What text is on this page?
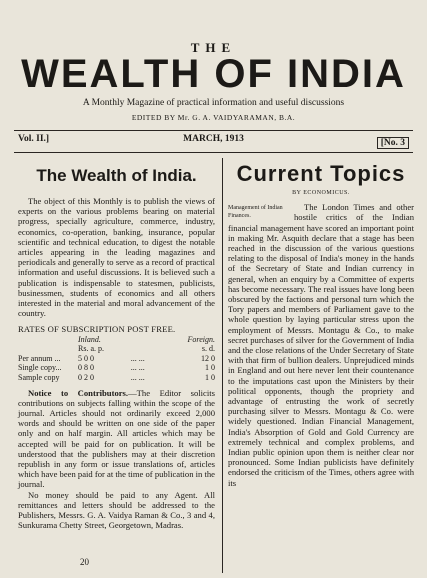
THE
WEALTH OF INDIA
A Monthly Magazine of practical information and useful discussions
EDITED BY Mr. G. A. VAIDYARAMAN, B.A.
Vol. II.]	MARCH, 1913	[No. 3
The Wealth of India.

The object of this Monthly is to publish the views of experts on the various problems bearing on material progress, specially agriculture, commerce, industry, economics, co-operation, banking, insurance, popular scientific and technical education, to digest the notable articles appearing in the leading magazines and periodicals and generally to serve as a record of practical information and useful discussions. It is believed such a publication is indispensable to statesmen, publicists, businessmen, students of economics and all others interested in the material and moral advancement of the country.

RATES OF SUBSCRIPTION POST FREE.
	Inland.		Foreign.
	Rs. a. p.		s. d.
Per annum ...	5 0 0	... ...	12 0
Single copy...	0 8 0	... ...	1 0
Sample copy	0 2 0	... ...	1 0

Notice to Contributors.—The Editor solicits contributions on subjects falling within the scope of the journal. Articles should not ordinarily exceed 2,000 words and should be written on one side of the paper only and on half margin. All articles which may be accepted will be paid for on publication. It will be understood that the publishers may at their discretion republish in any form or issue translations of, articles which have been paid for at the time of publication in the journal.

No money should be paid to any Agent. All remittances and letters should be addressed to the Publishers, Messrs. G. A. Vaidya Raman & Co., 3 and 4, Sunkurama Chetty Street, Georgetown, Madras.

Current Topics
BY ECONOMICUS.
Management of Indian Finances.

The London Times and other hostile critics of the Indian financial management have scored an important point in making Mr. Asquith declare that a stage has been reached in the discussion of the various questions relating to the disposal of India's money in the hands of the Secretary of State and Indian currency in general, when an enquiry by a Committee of experts has become necessary. The real issues have long been obscured by the factions and personal turn which the Tory papers and members of Parliament gave to the whole question by laying particular stress upon the employment of Messrs. Montagu & Co., to make secret purchases of silver for the Government of India and the close relations of the Under Secretary of State with that firm of bullion dealers. Unprejudiced minds in England and out here never lent their countenance to the imputations cast upon the Ministers by their political opponents, though the propriety and advantage of entrusting the work of secretly purchasing silver to Messrs. Montagu & Co. were widely questioned. Indian Financial Management, India's Absorption of Gold and Gold Currency are extremely technical and complex problems, and Indian public opinion upon them is neither clear nor pronounced. Some Indian publicists have definitely endorsed the criticism of the Times, others agree with its

20
